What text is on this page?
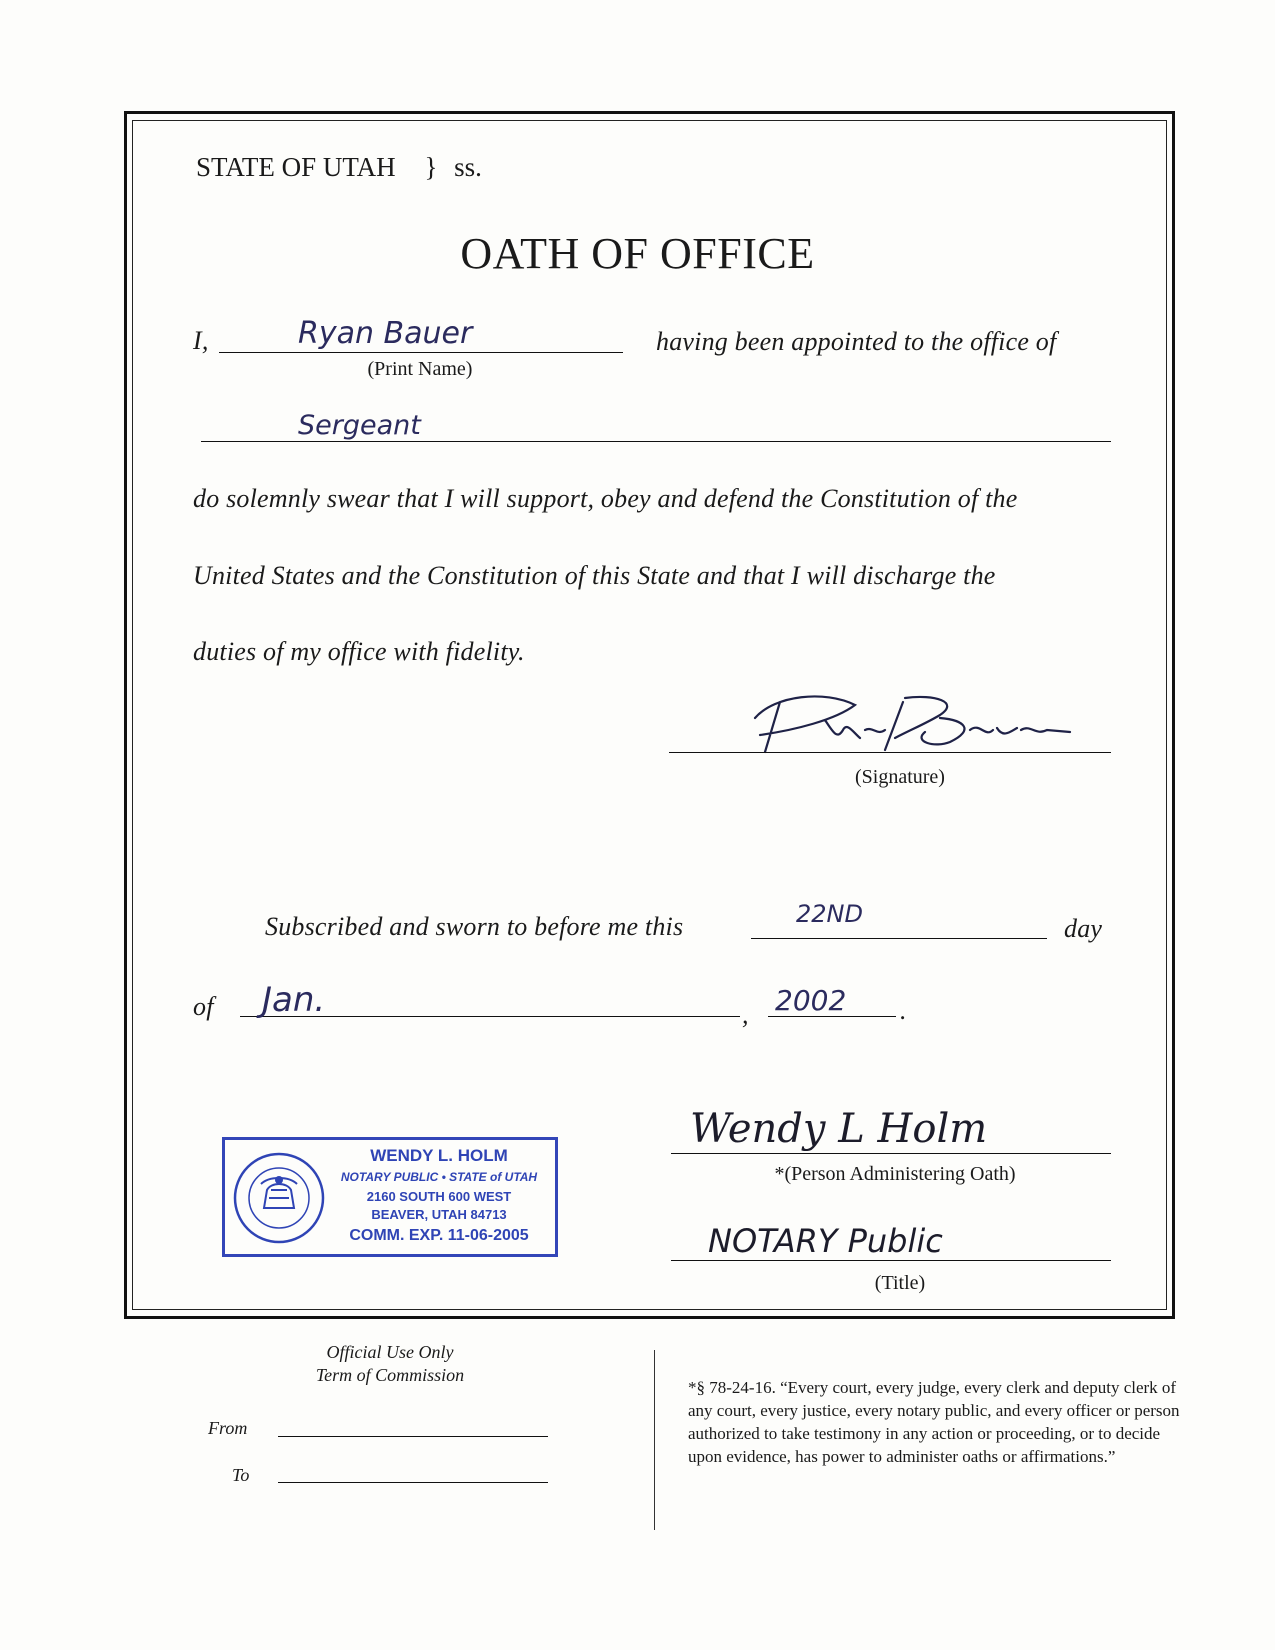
STATE OF UTAH } ss.
OATH OF OFFICE
I,	Ryan Bauer
(Print Name)
having been appointed to the office of
Sergeant
do solemnly swear that I will support, obey and defend the Constitution of the
United States and the Constitution of this State and that I will discharge the
duties of my office with fidelity.
(Signature)
Subscribed and sworn to before me this	22ND	day
of Jan.	, 2002 .
WENDY L. HOLM
NOTARY PUBLIC • STATE of UTAH
2160 SOUTH 600 WEST
BEAVER, UTAH 84713
COMM. EXP. 11-06-2005
Wendy L Holm
*(Person Administering Oath)
NOTARY Public
(Title)
Official Use Only
Term of Commission
From
To
*§ 78-24-16. “Every court, every judge, every clerk and deputy clerk of any court, every justice, every notary public, and every officer or person authorized to take testimony in any action or proceeding, or to decide upon evidence, has power to administer oaths or affirmations.”
